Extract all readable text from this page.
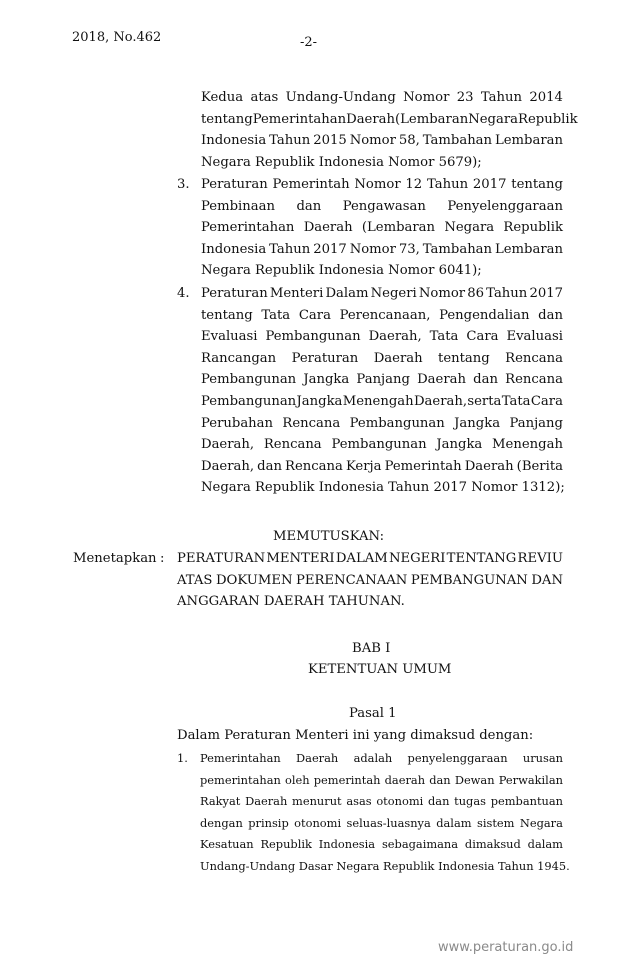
2018, No.462	-2-
Kedua atas Undang-Undang Nomor 23 Tahun 2014
tentang Pemerintahan Daerah (Lembaran Negara Republik
Indonesia Tahun 2015 Nomor 58, Tambahan Lembaran
Negara Republik Indonesia Nomor 5679);
3. Peraturan Pemerintah Nomor 12 Tahun 2017 tentang
Pembinaan dan Pengawasan Penyelenggaraan
Pemerintahan Daerah (Lembaran Negara Republik
Indonesia Tahun 2017 Nomor 73, Tambahan Lembaran
Negara Republik Indonesia Nomor 6041);
4. Peraturan Menteri Dalam Negeri Nomor 86 Tahun 2017
tentang Tata Cara Perencanaan, Pengendalian dan
Evaluasi Pembangunan Daerah, Tata Cara Evaluasi
Rancangan Peraturan Daerah tentang Rencana
Pembangunan Jangka Panjang Daerah dan Rencana
Pembangunan Jangka Menengah Daerah, serta Tata Cara
Perubahan Rencana Pembangunan Jangka Panjang
Daerah, Rencana Pembangunan Jangka Menengah
Daerah, dan Rencana Kerja Pemerintah Daerah (Berita
Negara Republik Indonesia Tahun 2017 Nomor 1312);
MEMUTUSKAN:
Menetapkan : PERATURAN MENTERI DALAM NEGERI TENTANG REVIU
ATAS DOKUMEN PERENCANAAN PEMBANGUNAN DAN
ANGGARAN DAERAH TAHUNAN.
BAB I
KETENTUAN UMUM
Pasal 1
Dalam Peraturan Menteri ini yang dimaksud dengan:
1. Pemerintahan Daerah adalah penyelenggaraan urusan
pemerintahan oleh pemerintah daerah dan Dewan Perwakilan
Rakyat Daerah menurut asas otonomi dan tugas pembantuan
dengan prinsip otonomi seluas-luasnya dalam sistem Negara
Kesatuan Republik Indonesia sebagaimana dimaksud dalam
Undang-Undang Dasar Negara Republik Indonesia Tahun 1945.
www.peraturan.go.id
